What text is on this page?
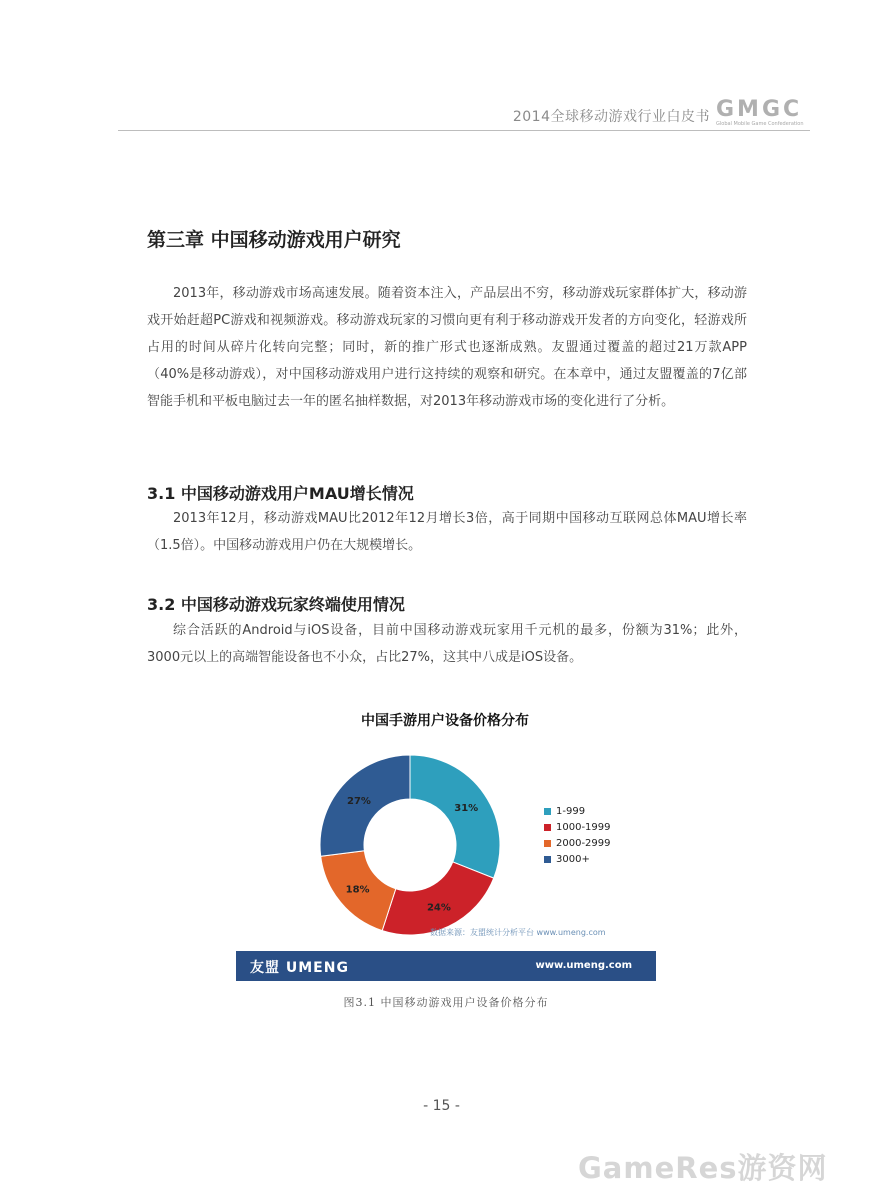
2014全球移动游戏行业白皮书 GMGC
Global Mobile Game Confederation
第三章 中国移动游戏用户研究

2013年，移动游戏市场高速发展。随着资本注入，产品层出不穷，移动游戏玩家群体扩大，移动游戏开始赶超PC游戏和视频游戏。移动游戏玩家的习惯向更有利于移动游戏开发者的方向变化，轻游戏所占用的时间从碎片化转向完整；同时，新的推广形式也逐渐成熟。友盟通过覆盖的超过21万款APP（40%是移动游戏），对中国移动游戏用户进行这持续的观察和研究。在本章中，通过友盟覆盖的7亿部智能手机和平板电脑过去一年的匿名抽样数据，对2013年移动游戏市场的变化进行了分析。

3.1 中国移动游戏用户MAU增长情况

2013年12月，移动游戏MAU比2012年12月增长3倍，高于同期中国移动互联网总体MAU增长率（1.5倍）。中国移动游戏用户仍在大规模增长。

3.2 中国移动游戏玩家终端使用情况

综合活跃的Android与iOS设备，目前中国移动游戏玩家用千元机的最多，份额为31%；此外，3000元以上的高端智能设备也不小众，占比27%，这其中八成是iOS设备。

中国手游用户设备价格分布
31%
24%
18%
27%
1-999
1000-1999
2000-2999
3000+
数据来源：友盟统计分析平台 www.umeng.com
友盟 UMENG	www.umeng.com
图3.1 中国移动游戏用户设备价格分布
- 15 -
GameRes游资网
